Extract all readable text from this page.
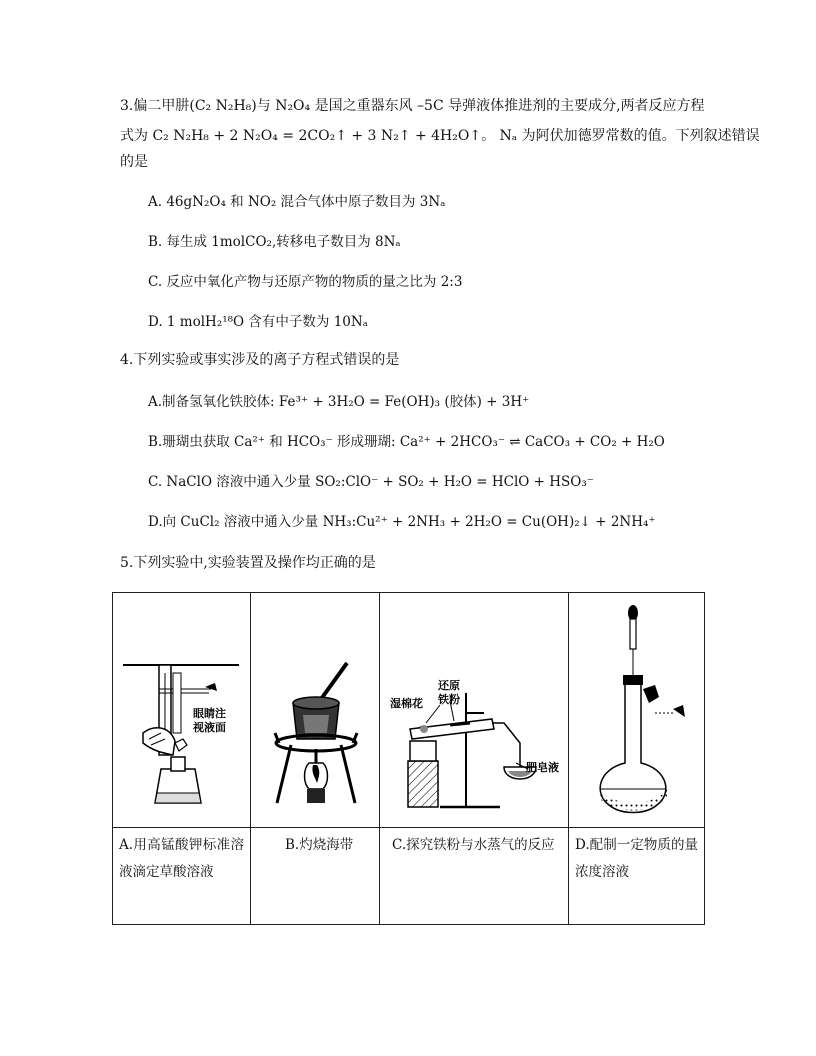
3.偏二甲肼(C₂ N₂H₈)与 N₂O₄ 是国之重器东风 –5C 导弹液体推进剂的主要成分,两者反应方程
式为 C₂ N₂H₈ + 2 N₂O₄ = 2CO₂↑ + 3 N₂↑ + 4H₂O↑。 Nₐ 为阿伏加德罗常数的值。下列叙述错误
的是
A. 46gN₂O₄ 和 NO₂ 混合气体中原子数目为 3Nₐ
B. 每生成 1molCO₂,转移电子数目为 8Nₐ
C. 反应中氧化产物与还原产物的物质的量之比为 2:3
D. 1 molH₂¹⁸O 含有中子数为 10Nₐ
4.下列实验或事实涉及的离子方程式错误的是
A.制备氢氧化铁胶体: Fe³⁺ + 3H₂O = Fe(OH)₃ (胶体) + 3H⁺
B.珊瑚虫获取 Ca²⁺ 和 HCO₃⁻ 形成珊瑚: Ca²⁺ + 2HCO₃⁻ ⇌ CaCO₃ + CO₂ + H₂O
C. NaClO 溶液中通入少量 SO₂:ClO⁻ + SO₂ + H₂O = HClO + HSO₃⁻
D.向 CuCl₂ 溶液中通入少量 NH₃:Cu²⁺ + 2NH₃ + 2H₂O = Cu(OH)₂↓ + 2NH₄⁺
5.下列实验中,实验装置及操作均正确的是
眼睛注
视液面		湿棉花
还原
铁粉
肥皂液

A.用高锰酸钾标准溶液滴定草酸溶液	B.灼烧海带	C.探究铁粉与水蒸气的反应	D.配制一定物质的量浓度溶液
